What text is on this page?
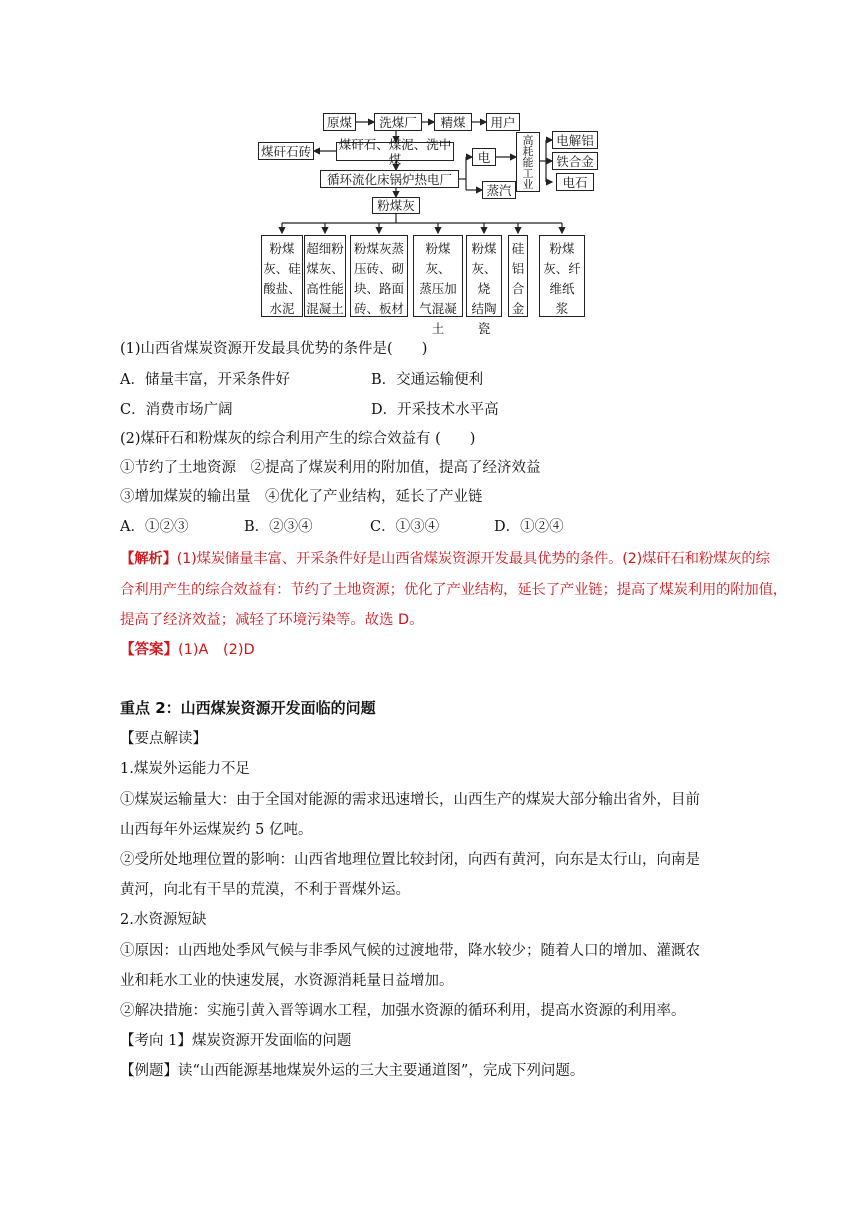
原煤	洗煤厂	精煤	用户
煤矸石砖 煤矸石、煤泥、洗中煤
循环流化床锅炉热电厂
电
蒸汽
高
耗
能
工
业
电解铝
铁合金
电石
粉煤灰
粉煤
灰、硅
酸盐、
水泥
超细粉
煤灰、
高性能
混凝土
粉煤灰蒸
压砖、砌
块、路面
砖、板材
粉煤灰、
蒸压加
气混凝
土
粉煤
灰、烧
结陶
瓷
硅
铝
合
金
粉煤
灰、纤
维纸
浆
(1)山西省煤炭资源开发最具优势的条件是(　　)
A．储量丰富，开采条件好	B．交通运输便利
C．消费市场广阔	D．开采技术水平高
(2)煤矸石和粉煤灰的综合利用产生的综合效益有 (　　)
①节约了土地资源　②提高了煤炭利用的附加值，提高了经济效益
③增加煤炭的输出量　④优化了产业结构，延长了产业链
A．①②③	B．②③④	C．①③④	D．①②④
【解析】(1)煤炭储量丰富、开采条件好是山西省煤炭资源开发最具优势的条件。(2)煤矸石和粉煤灰的综
合利用产生的综合效益有：节约了土地资源；优化了产业结构，延长了产业链；提高了煤炭利用的附加值，
提高了经济效益；减轻了环境污染等。故选 D。
【答案】(1)A　(2)D
重点 2：山西煤炭资源开发面临的问题
【要点解读】
1.煤炭外运能力不足
①煤炭运输量大：由于全国对能源的需求迅速增长，山西生产的煤炭大部分输出省外，目前
山西每年外运煤炭约 5 亿吨。
②受所处地理位置的影响：山西省地理位置比较封闭，向西有黄河，向东是太行山，向南是
黄河，向北有干旱的荒漠，不利于晋煤外运。
2.水资源短缺
①原因：山西地处季风气候与非季风气候的过渡地带，降水较少；随着人口的增加、灌溉农
业和耗水工业的快速发展，水资源消耗量日益增加。
②解决措施：实施引黄入晋等调水工程，加强水资源的循环利用，提高水资源的利用率。
【考向 1】煤炭资源开发面临的问题
【例题】读“山西能源基地煤炭外运的三大主要通道图”，完成下列问题。
